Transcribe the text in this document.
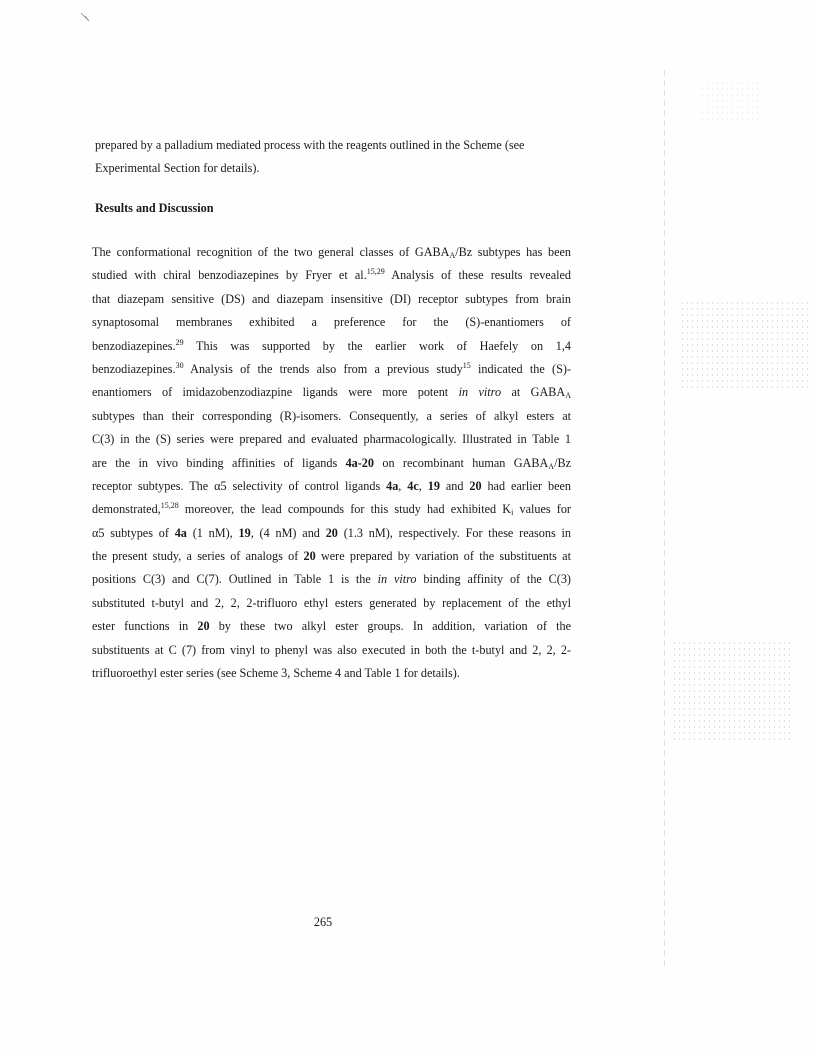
prepared by a palladium mediated process with the reagents outlined in the Scheme (see
Experimental Section for details).

Results and Discussion

The conformational recognition of the two general classes of $GABA_A/Bz$ subtypes has been
studied with chiral benzodiazepines by Fryer et al.$^{15,29}$ Analysis of these results revealed
that diazepam sensitive (DS) and diazepam insensitive (DI) receptor subtypes from brain
synaptosomal membranes exhibited a preference for the (S)-enantiomers of
benzodiazepines.$^{29}$ This was supported by the earlier work of Haefely on 1,4
benzodiazepines.$^{30}$ Analysis of the trends also from a previous study$^{15}$ indicated the (S)-
enantiomers of imidazobenzodiazpine ligands were more potent in vitro at $GABA_A$
subtypes than their corresponding (R)-isomers. Consequently, a series of alkyl esters at
C(3) in the (S) series were prepared and evaluated pharmacologically. Illustrated in Table 1
are the in vivo binding affinities of ligands 4a-20 on recombinant human $GABA_A/Bz$
receptor subtypes. The α5 selectivity of control ligands 4a, 4c, 19 and 20 had earlier been
demonstrated,$^{15,28}$ moreover, the lead compounds for this study had exhibited $K_i$ values for
α5 subtypes of 4a (1 nM), 19, (4 nM) and 20 (1.3 nM), respectively. For these reasons in
the present study, a series of analogs of 20 were prepared by variation of the substituents at
positions C(3) and C(7). Outlined in Table 1 is the in vitro binding affinity of the C(3)
substituted t-butyl and 2, 2, 2-trifluoro ethyl esters generated by replacement of the ethyl
ester functions in 20 by these two alkyl ester groups. In addition, variation of the
substituents at C (7) from vinyl to phenyl was also executed in both the t-butyl and 2, 2, 2-
trifluoroethyl ester series (see Scheme 3, Scheme 4 and Table 1 for details).

265
